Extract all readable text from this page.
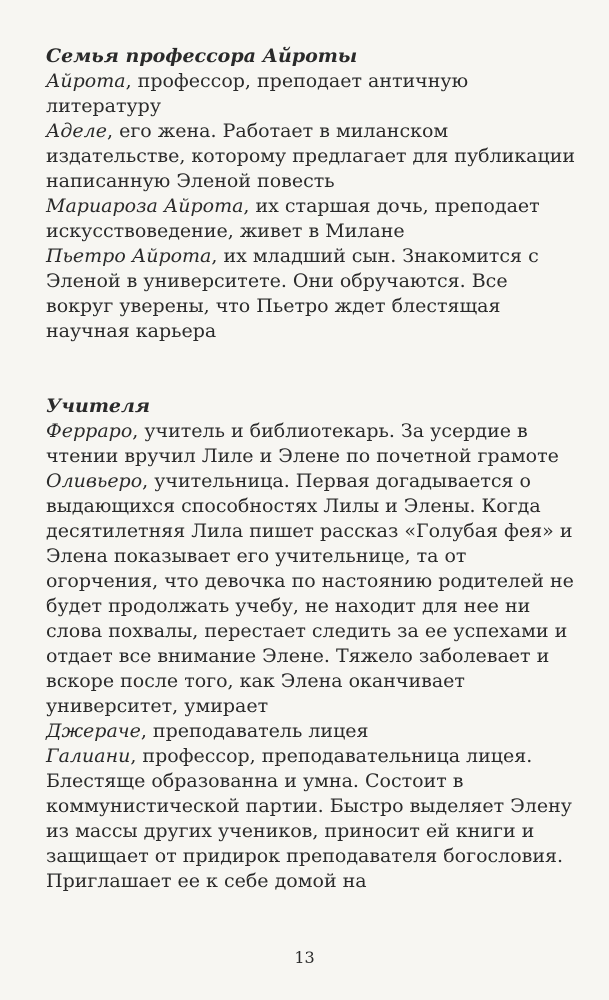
Семья профессора Айроты

Айрота, профессор, преподает античную литературу

Аделе, его жена. Работает в миланском издательстве, которому предлагает для публикации написанную Эленой повесть

Мариароза Айрота, их старшая дочь, преподает искусствоведение, живет в Милане

Пьетро Айрота, их младший сын. Знакомится с Эленой в университете. Они обручаются. Все вокруг уверены, что Пьетро ждет блестящая научная карьера

Учителя

Ферраро, учитель и библиотекарь. За усердие в чтении вручил Лиле и Элене по почетной грамоте

Оливьеро, учительница. Первая догадывается о выдающихся способностях Лилы и Элены. Когда десятилетняя Лила пишет рассказ «Голубая фея» и Элена показывает его учительнице, та от огорчения, что девочка по настоянию родителей не будет продолжать учебу, не находит для нее ни слова похвалы, перестает следить за ее успехами и отдает все внимание Элене. Тяжело заболевает и вскоре после того, как Элена оканчивает университет, умирает

Джераче, преподаватель лицея

Галиани, профессор, преподавательница лицея. Блестяще образованна и умна. Состоит в коммунистической партии. Быстро выделяет Элену из массы других учеников, приносит ей книги и защищает от придирок преподавателя богословия. Приглашает ее к себе домой на

13
